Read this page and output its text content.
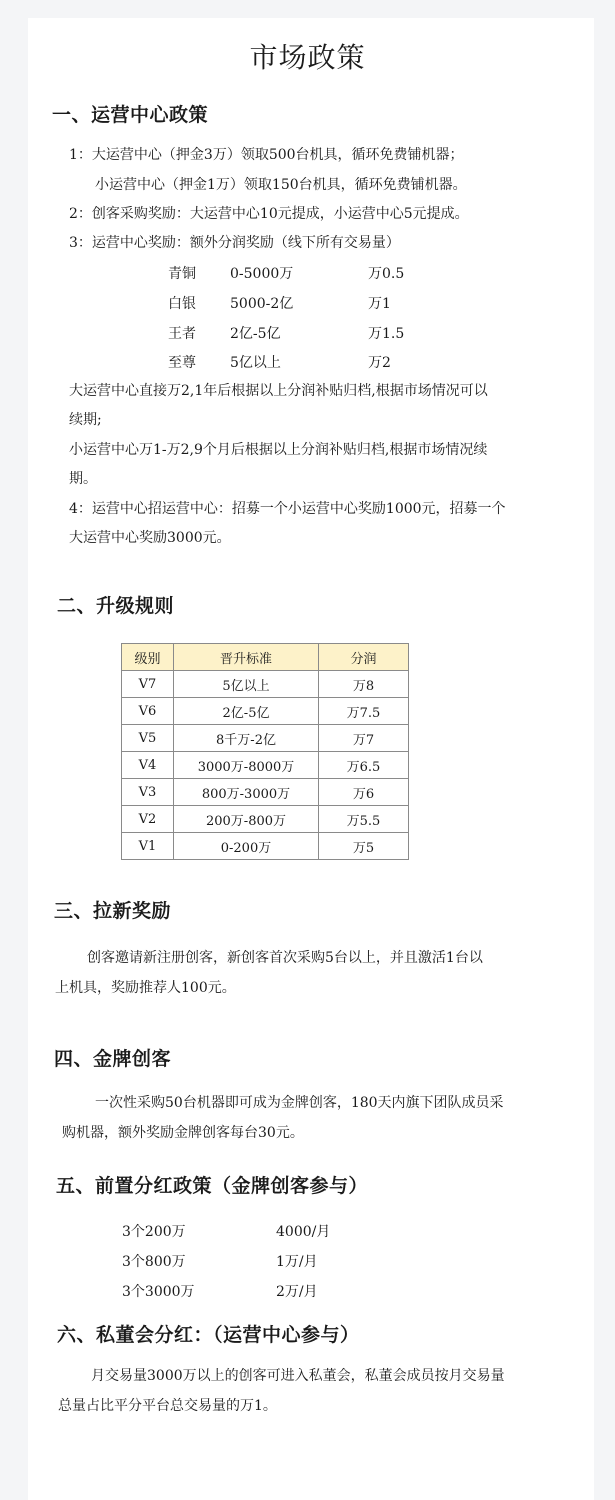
市场政策
一、运营中心政策
1：大运营中心（押金3万）领取500台机具，循环免费铺机器；
小运营中心（押金1万）领取150台机具，循环免费铺机器。
2：创客采购奖励：大运营中心10元提成，小运营中心5元提成。
3：运营中心奖励：额外分润奖励（线下所有交易量）
青铜 0-5000万	万0.5
白银 5000-2亿	万1
王者 2亿-5亿	万1.5
至尊 5亿以上	万2
大运营中心直接万2,1年后根据以上分润补贴归档,根据市场情况可以
续期;
小运营中心万1-万2,9个月后根据以上分润补贴归档,根据市场情况续
期。
4：运营中心招运营中心：招募一个小运营中心奖励1000元，招募一个
大运营中心奖励3000元。
二、升级规则
级别	晋升标准	分润
V7	5亿以上	万8
V6	2亿-5亿	万7.5
V5	8千万-2亿	万7
V4	3000万-8000万	万6.5
V3	800万-3000万	万6
V2	200万-800万	万5.5
V1	0-200万	万5
三、拉新奖励
创客邀请新注册创客，新创客首次采购5台以上，并且激活1台以
上机具，奖励推荐人100元。
四、金牌创客
一次性采购50台机器即可成为金牌创客，180天内旗下团队成员采
购机器，额外奖励金牌创客每台30元。
五、前置分红政策（金牌创客参与）
3个200万	4000/月
3个800万	1万/月
3个3000万	2万/月
六、私董会分红：（运营中心参与）
月交易量3000万以上的创客可进入私董会，私董会成员按月交易量
总量占比平分平台总交易量的万1。
